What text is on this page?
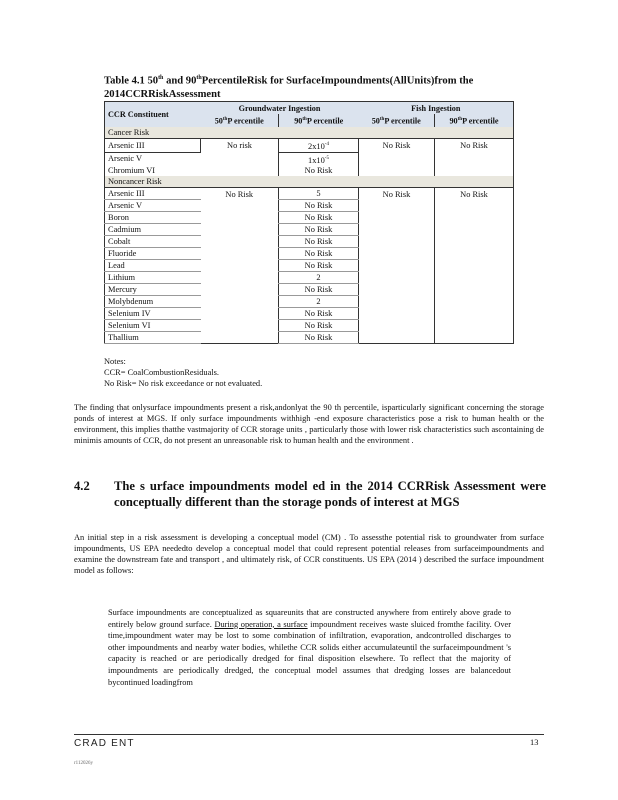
Table 4.1 50th and 90thPercentileRisk for SurfaceImpoundments(AllUnits)from the 2014CCRRiskAssessment
CCR Constituent	Groundwater Ingestion		Fish Ingestion	
	50thP ercentile	90thP ercentile	50thP ercentile	90thP ercentile
Cancer Risk				
Arsenic III	No risk	$2x10^{-4}$	No Risk	No Risk
Arsenic V		$1x10^{-5}$		
Chromium VI		No Risk		
Noncancer Risk				
Arsenic III	No Risk	5	No Risk	No Risk
Arsenic V		No Risk		
Boron		No Risk		
Cadmium		No Risk		
Cobalt		No Risk		
Fluoride		No Risk		
Lead		No Risk		
Lithium		2		
Mercury		No Risk		
Molybdenum		2		
Selenium IV		No Risk		
Selenium VI		No Risk		
Thallium		No Risk		
Notes:
CCR= CoalCombustionResiduals.
No Risk= No risk exceedance or not evaluated.
The finding that onlysurface impoundments present a risk,andonlyat the 90 th percentile, isparticularly significant concerning the storage ponds of interest at MGS. If only surface impoundments withhigh -end exposure characteristics pose a risk to human health or the environment, this implies thatthe vastmajority of CCR storage units , particularly those with lower risk characteristics such ascontaining de minimis amounts of CCR, do not present an unreasonable risk to human health and the environment .
4.2 The s urface impoundments model ed in the 2014 CCRRisk Assessment were conceptually different than the storage ponds of interest at MGS
An initial step in a risk assessment is developing a conceptual model (CM) . To assessthe potential risk to groundwater from surface impoundments, US EPA neededto develop a conceptual model that could represent potential releases from surfaceimpoundments and examine the downstream fate and transport , and ultimately risk, of CCR constituents. US EPA (2014 ) described the surface impoundment model as follows:
Surface impoundments are conceptualized as squareunits that are constructed anywhere from entirely above grade to entirely below ground surface. During operation, a surface impoundment receives waste sluiced fromthe facility. Over time,impoundment water may be lost to some combination of infiltration, evaporation, andcontrolled discharges to other impoundments and nearby water bodies, whilethe CCR solids either accumulateuntil the surfaceimpoundment 's capacity is reached or are periodically dredged for final disposition elsewhere. To reflect that the majority of impoundments are periodically dredged, the conceptual model assumes that dredging losses are balancedout bycontinued loadingfrom
CRAD ENT	13
r112026y
